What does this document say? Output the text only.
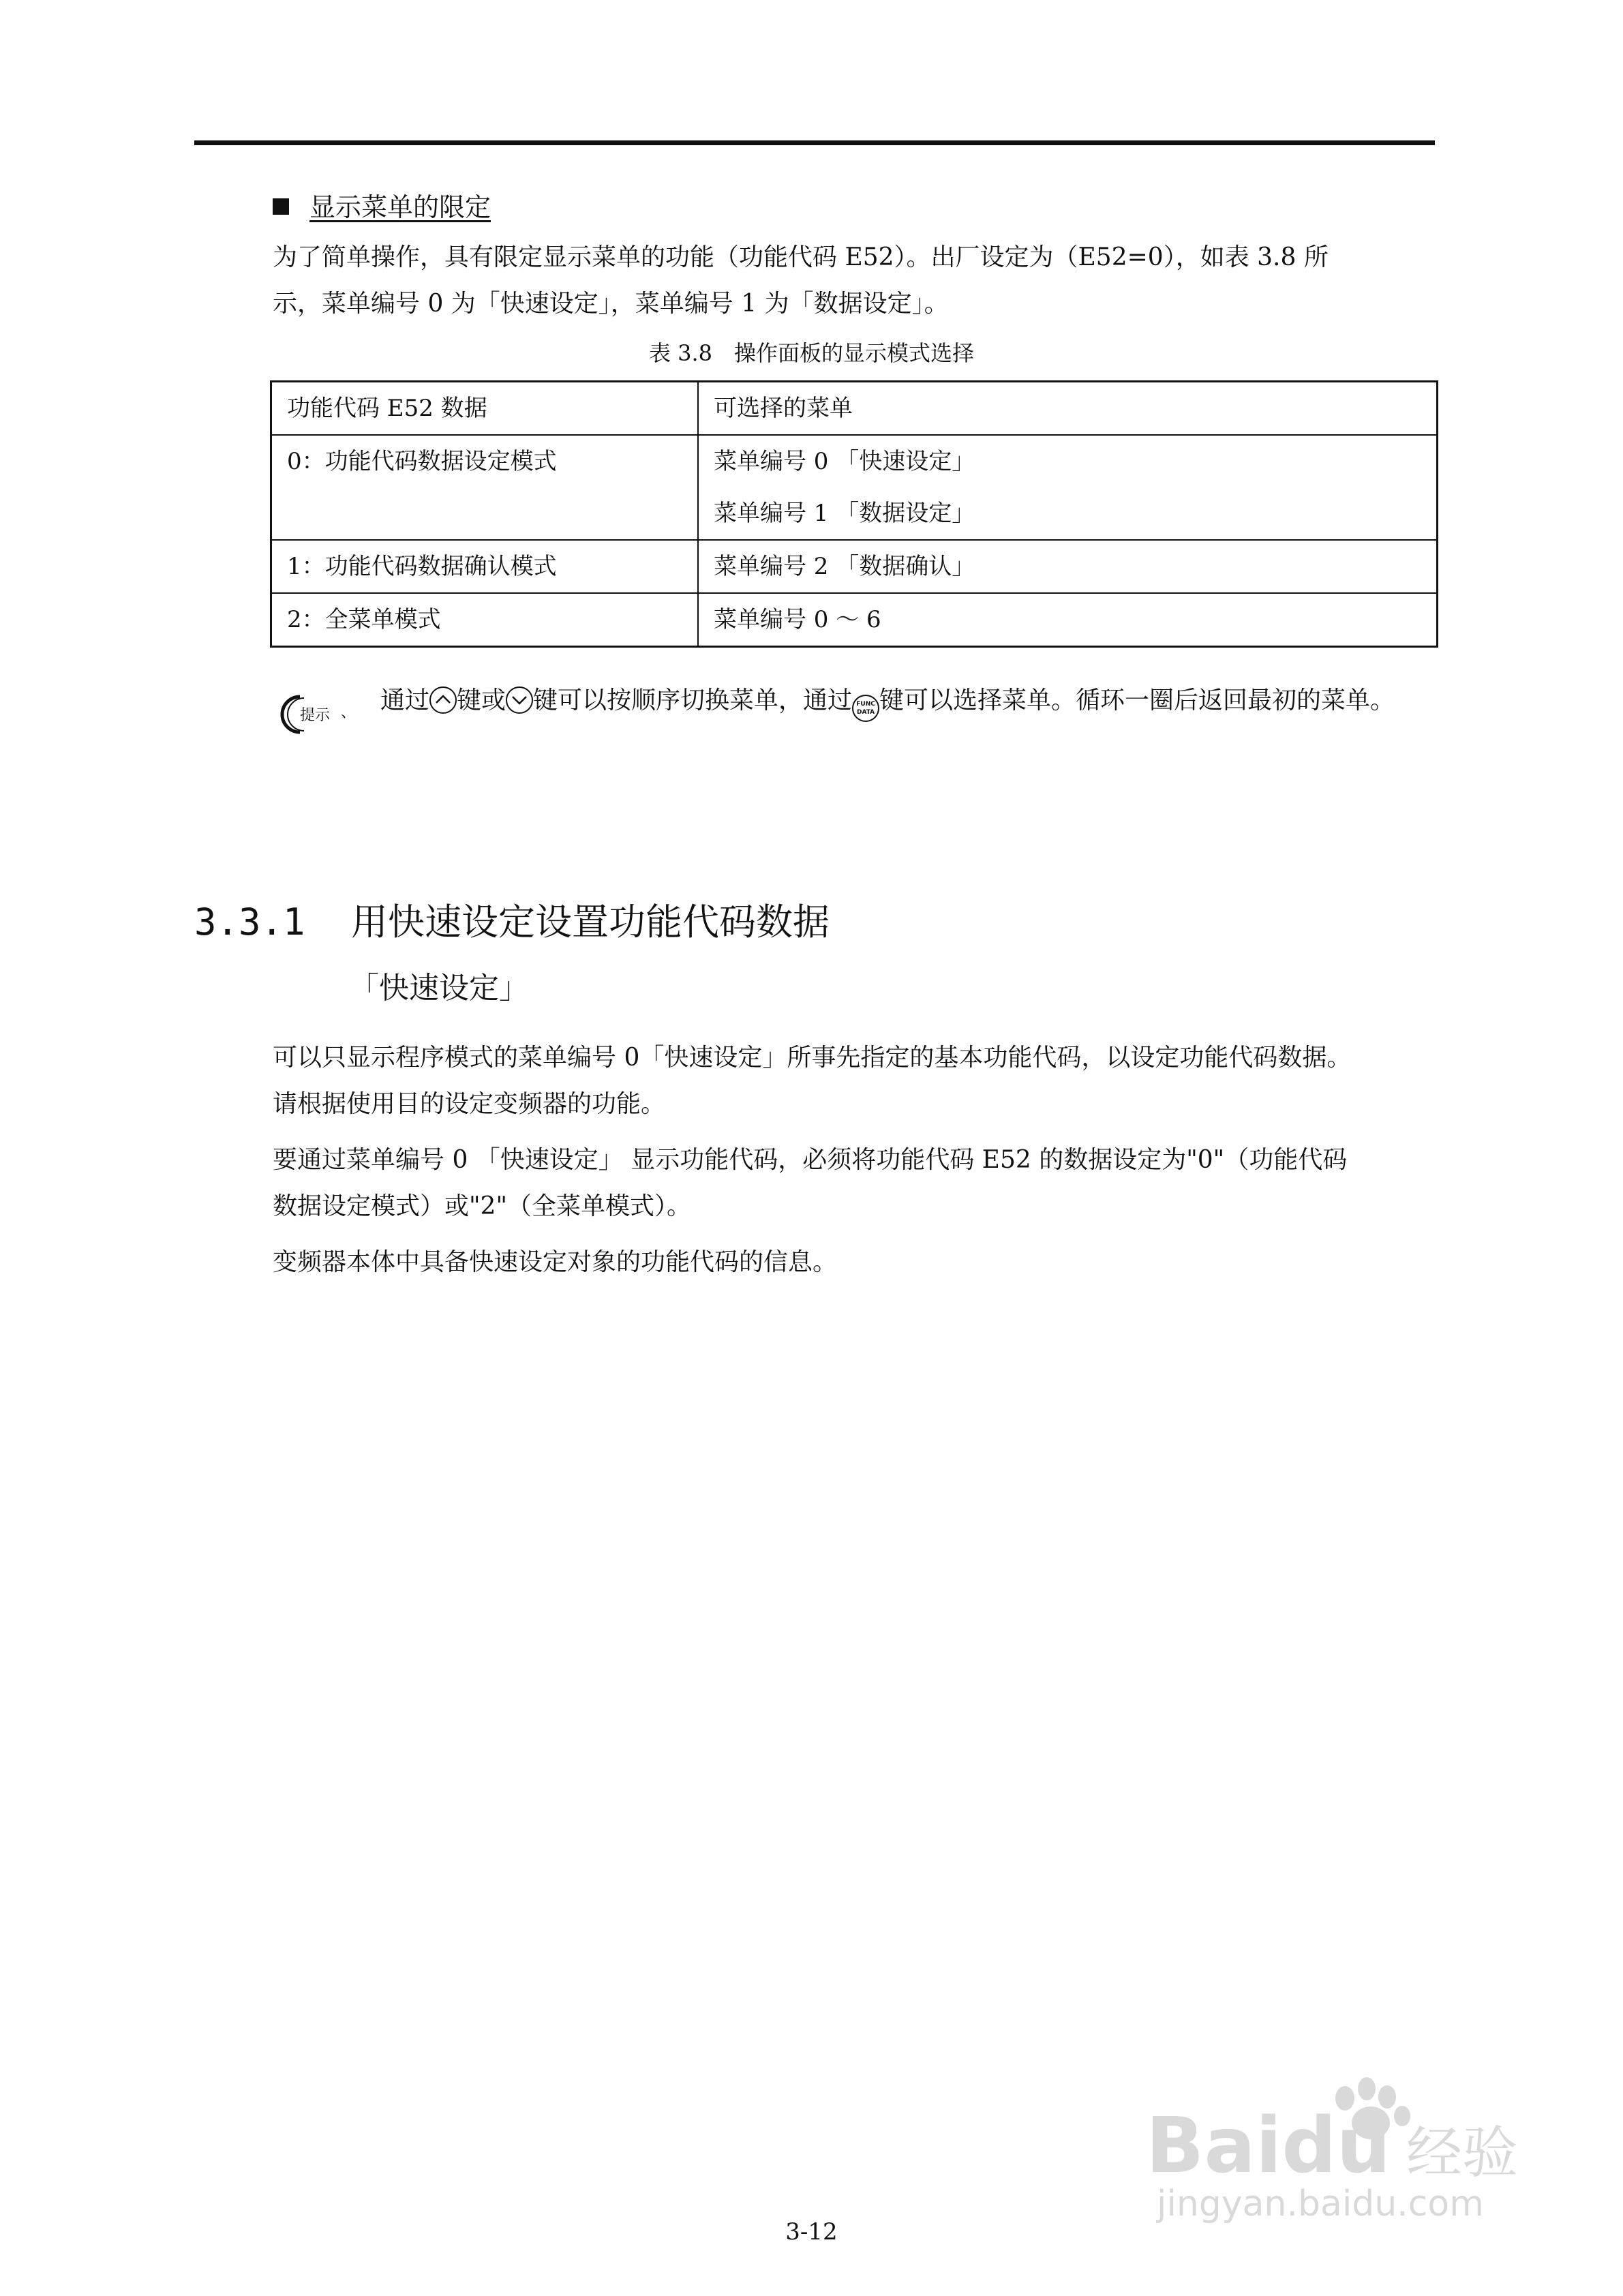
显示菜单的限定
为了简单操作，具有限定显示菜单的功能（功能代码 E52）。出厂设定为（E52=0），如表 3.8 所
示，菜单编号 0 为「快速设定」，菜单编号 1 为「数据设定」。
表 3.8　操作面板的显示模式选择
功能代码 E52 数据	可选择的菜单
0：功能代码数据设定模式	菜单编号 0 「快速设定」
菜单编号 1 「数据设定」

1：功能代码数据确认模式	菜单编号 2 「数据确认」
2：全菜单模式	菜单编号 0 ～ 6
提示 、 通过 键或 键可以按顺序切换菜单，通过 FUNC
DATA 键可以选择菜单。循环一圈后返回最初的菜单。
3.3.1 用快速设定设置功能代码数据
「快速设定」
可以只显示程序模式的菜单编号 0「快速设定」所事先指定的基本功能代码，以设定功能代码数据。
请根据使用目的设定变频器的功能。
要通过菜单编号 0 「快速设定」 显示功能代码，必须将功能代码 E52 的数据设定为"0"（功能代码
数据设定模式）或"2"（全菜单模式）。
变频器本体中具备快速设定对象的功能代码的信息。
Baidu 经验
jingyan.baidu.com
3-12
